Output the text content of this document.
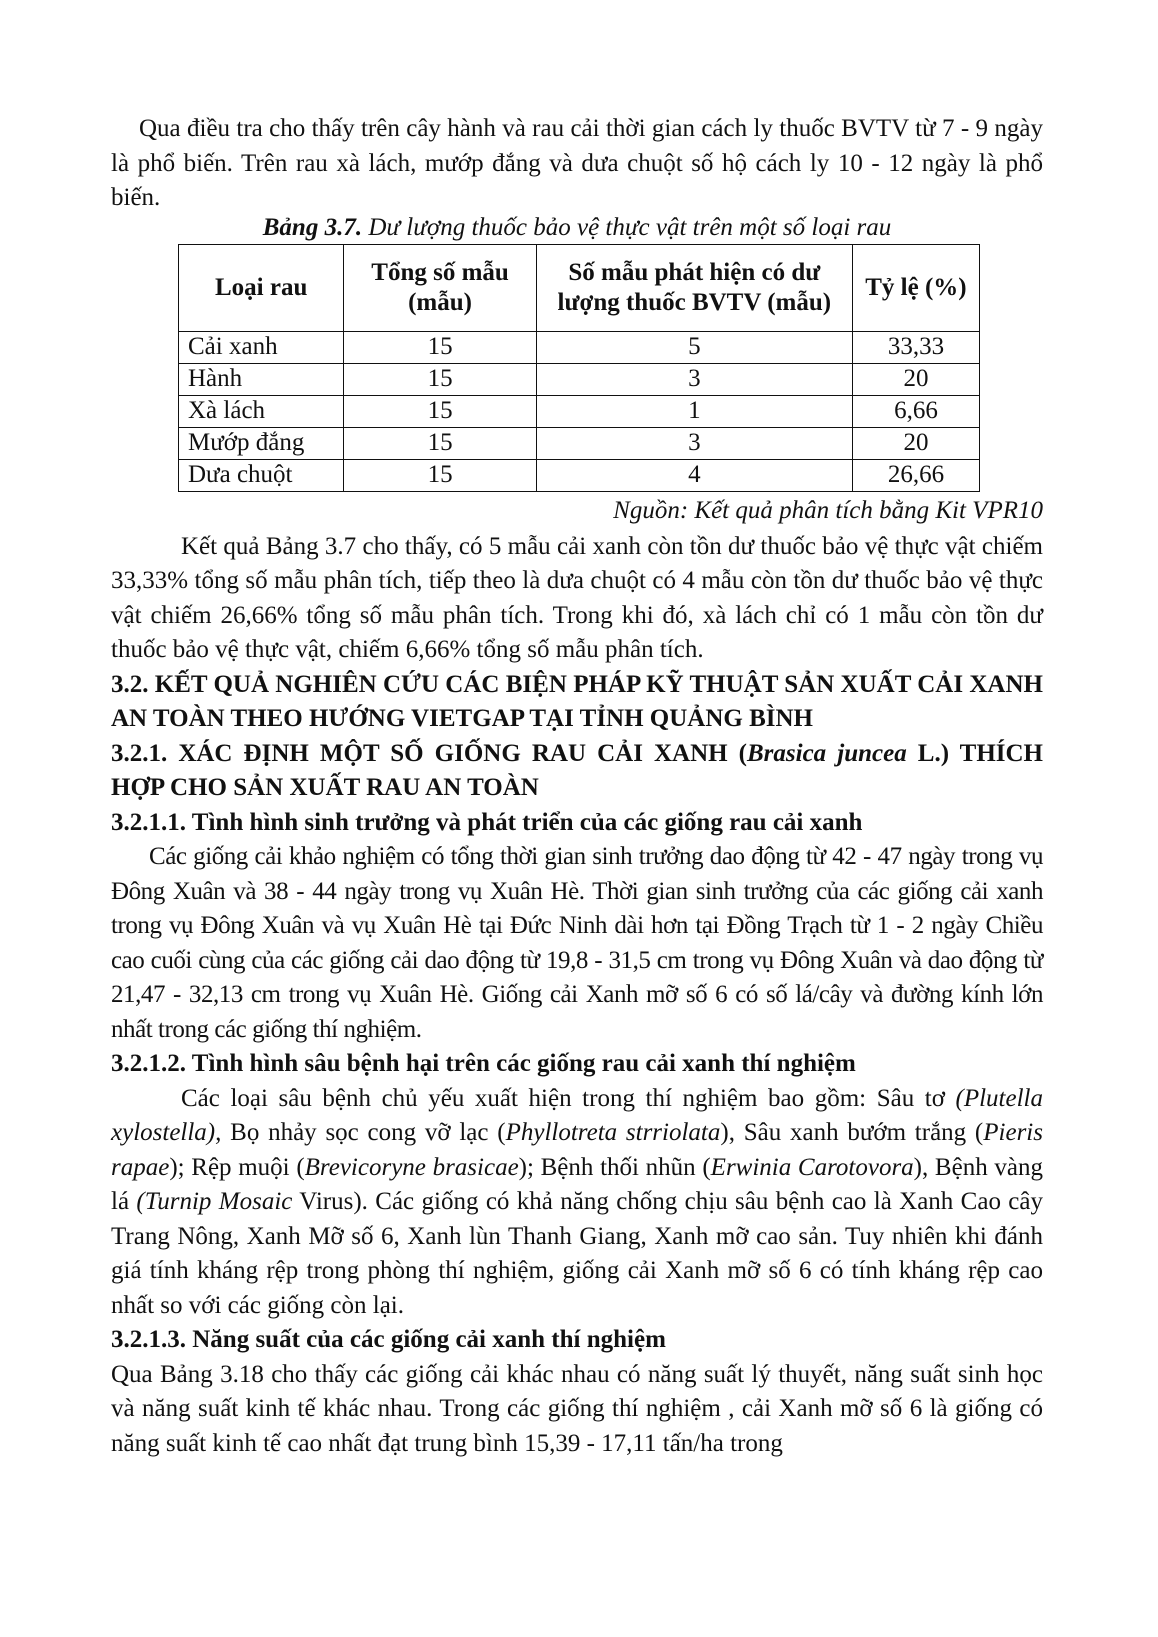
Qua điều tra cho thấy trên cây hành và rau cải thời gian cách ly thuốc BVTV từ 7 - 9 ngày là phổ biến. Trên rau xà lách, mướp đắng và dưa chuột số hộ cách ly 10 - 12 ngày là phổ biến.

Bảng 3.7. Dư lượng thuốc bảo vệ thực vật trên một số loại rau
Loại rau	Tổng số mẫu (mẫu)	Số mẫu phát hiện có dư lượng thuốc BVTV (mẫu)	Tỷ lệ (%)
Cải xanh	15	5	33,33
Hành	15	3	20
Xà lách	15	1	6,66
Mướp đắng	15	3	20
Dưa chuột	15	4	26,66
Nguồn: Kết quả phân tích bằng Kit VPR10

Kết quả Bảng 3.7 cho thấy, có 5 mẫu cải xanh còn tồn dư thuốc bảo vệ thực vật chiếm 33,33% tổng số mẫu phân tích, tiếp theo là dưa chuột có 4 mẫu còn tồn dư thuốc bảo vệ thực vật chiếm 26,66% tổng số mẫu phân tích. Trong khi đó, xà lách chỉ có 1 mẫu còn tồn dư thuốc bảo vệ thực vật, chiếm 6,66% tổng số mẫu phân tích.

3.2. KẾT QUẢ NGHIÊN CỨU CÁC BIỆN PHÁP KỸ THUẬT SẢN XUẤT CẢI XANH AN TOÀN THEO HƯỚNG VIETGAP TẠI TỈNH QUẢNG BÌNH
3.2.1. XÁC ĐỊNH MỘT SỐ GIỐNG RAU CẢI XANH (Brasica juncea L.) THÍCH HỢP CHO SẢN XUẤT RAU AN TOÀN
3.2.1.1. Tình hình sinh trưởng và phát triển của các giống rau cải xanh

Các giống cải khảo nghiệm có tổng thời gian sinh trưởng dao động từ 42 - 47 ngày trong vụ Đông Xuân và 38 - 44 ngày trong vụ Xuân Hè. Thời gian sinh trưởng của các giống cải xanh trong vụ Đông Xuân và vụ Xuân Hè tại Đức Ninh dài hơn tại Đồng Trạch từ 1 - 2 ngày Chiều cao cuối cùng của các giống cải dao động từ 19,8 - 31,5 cm trong vụ Đông Xuân và dao động từ 21,47 - 32,13 cm trong vụ Xuân Hè. Giống cải Xanh mỡ số 6 có số lá/cây và đường kính lớn nhất trong các giống thí nghiệm.

3.2.1.2. Tình hình sâu bệnh hại trên các giống rau cải xanh thí nghiệm

Các loại sâu bệnh chủ yếu xuất hiện trong thí nghiệm bao gồm: Sâu tơ (Plutella xylostella), Bọ nhảy sọc cong vỡ lạc (Phyllotreta strriolata), Sâu xanh bướm trắng (Pieris rapae); Rệp muội (Brevicoryne brasicae); Bệnh thối nhũn (Erwinia Carotovora), Bệnh vàng lá (Turnip Mosaic Virus). Các giống có khả năng chống chịu sâu bệnh cao là Xanh Cao cây Trang Nông, Xanh Mỡ số 6, Xanh lùn Thanh Giang, Xanh mỡ cao sản. Tuy nhiên khi đánh giá tính kháng rệp trong phòng thí nghiệm, giống cải Xanh mỡ số 6 có tính kháng rệp cao nhất so với các giống còn lại.

3.2.1.3. Năng suất của các giống cải xanh thí nghiệm

Qua Bảng 3.18 cho thấy các giống cải khác nhau có năng suất lý thuyết, năng suất sinh học và năng suất kinh tế khác nhau. Trong các giống thí nghiệm , cải Xanh mỡ số 6 là giống có năng suất kinh tế cao nhất đạt trung bình 15,39 - 17,11 tấn/ha trong
